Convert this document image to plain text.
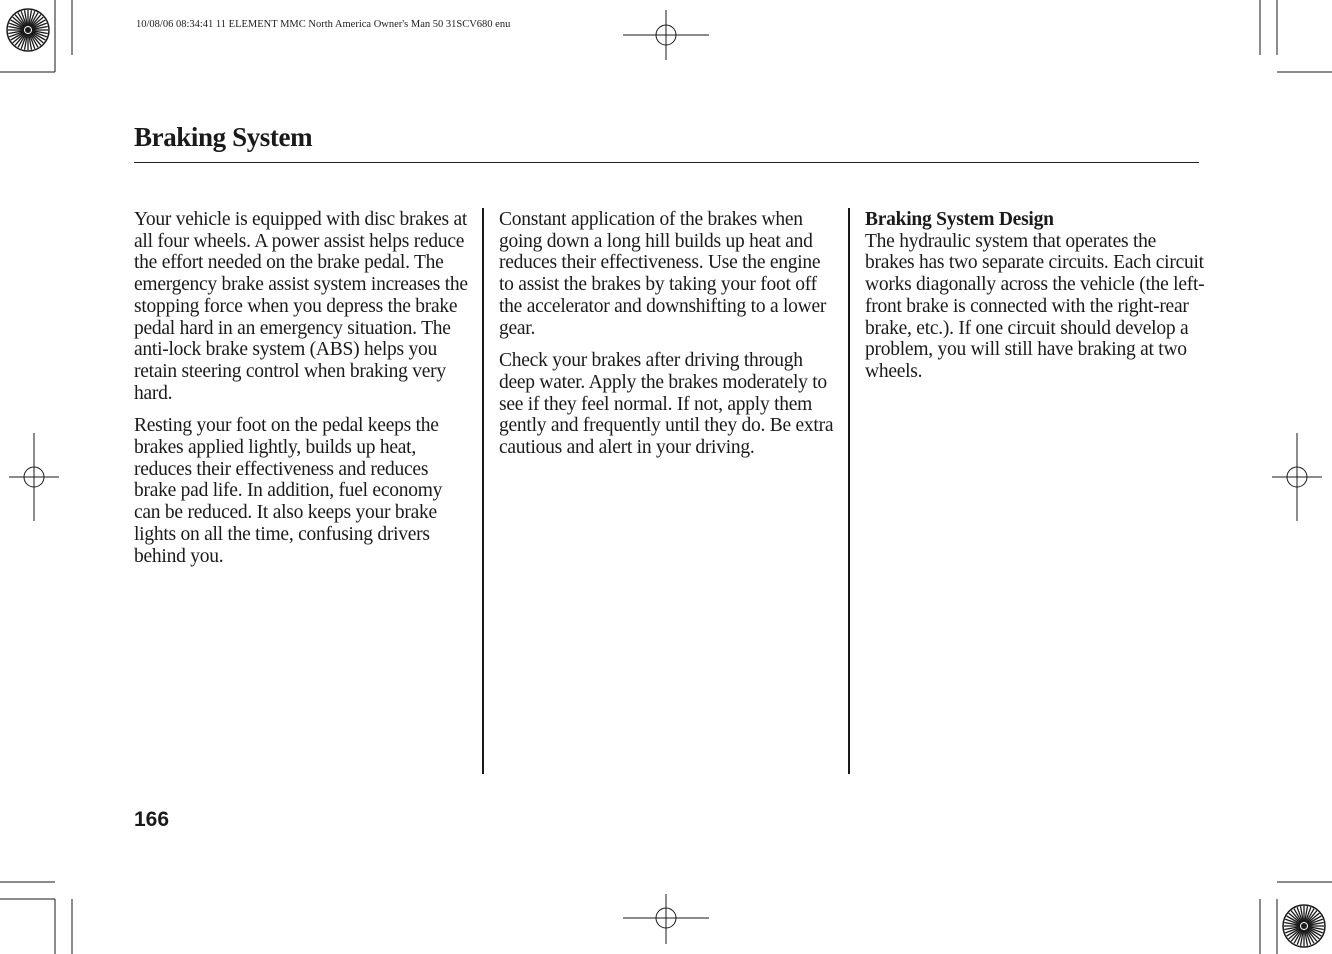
10/08/06 08:34:41 11 ELEMENT MMC North America Owner's Man 50 31SCV680 enu
Braking System

Your vehicle is equipped with disc brakes at all four wheels. A power assist helps reduce the effort needed on the brake pedal. The emergency brake assist system increases the stopping force when you depress the brake pedal hard in an emergency situation. The anti-lock brake system (ABS) helps you retain steering control when braking very hard.

Resting your foot on the pedal keeps the brakes applied lightly, builds up heat, reduces their effectiveness and reduces brake pad life. In addition, fuel economy can be reduced. It also keeps your brake lights on all the time, confusing drivers behind you.

Constant application of the brakes when going down a long hill builds up heat and reduces their effectiveness. Use the engine to assist the brakes by taking your foot off the accelerator and downshifting to a lower gear.

Check your brakes after driving through deep water. Apply the brakes moderately to see if they feel normal. If not, apply them gently and frequently until they do. Be extra cautious and alert in your driving.

Braking System Design
The hydraulic system that operates the brakes has two separate circuits. Each circuit works diagonally across the vehicle (the left-front brake is connected with the right-rear brake, etc.). If one circuit should develop a problem, you will still have braking at two wheels.

166
